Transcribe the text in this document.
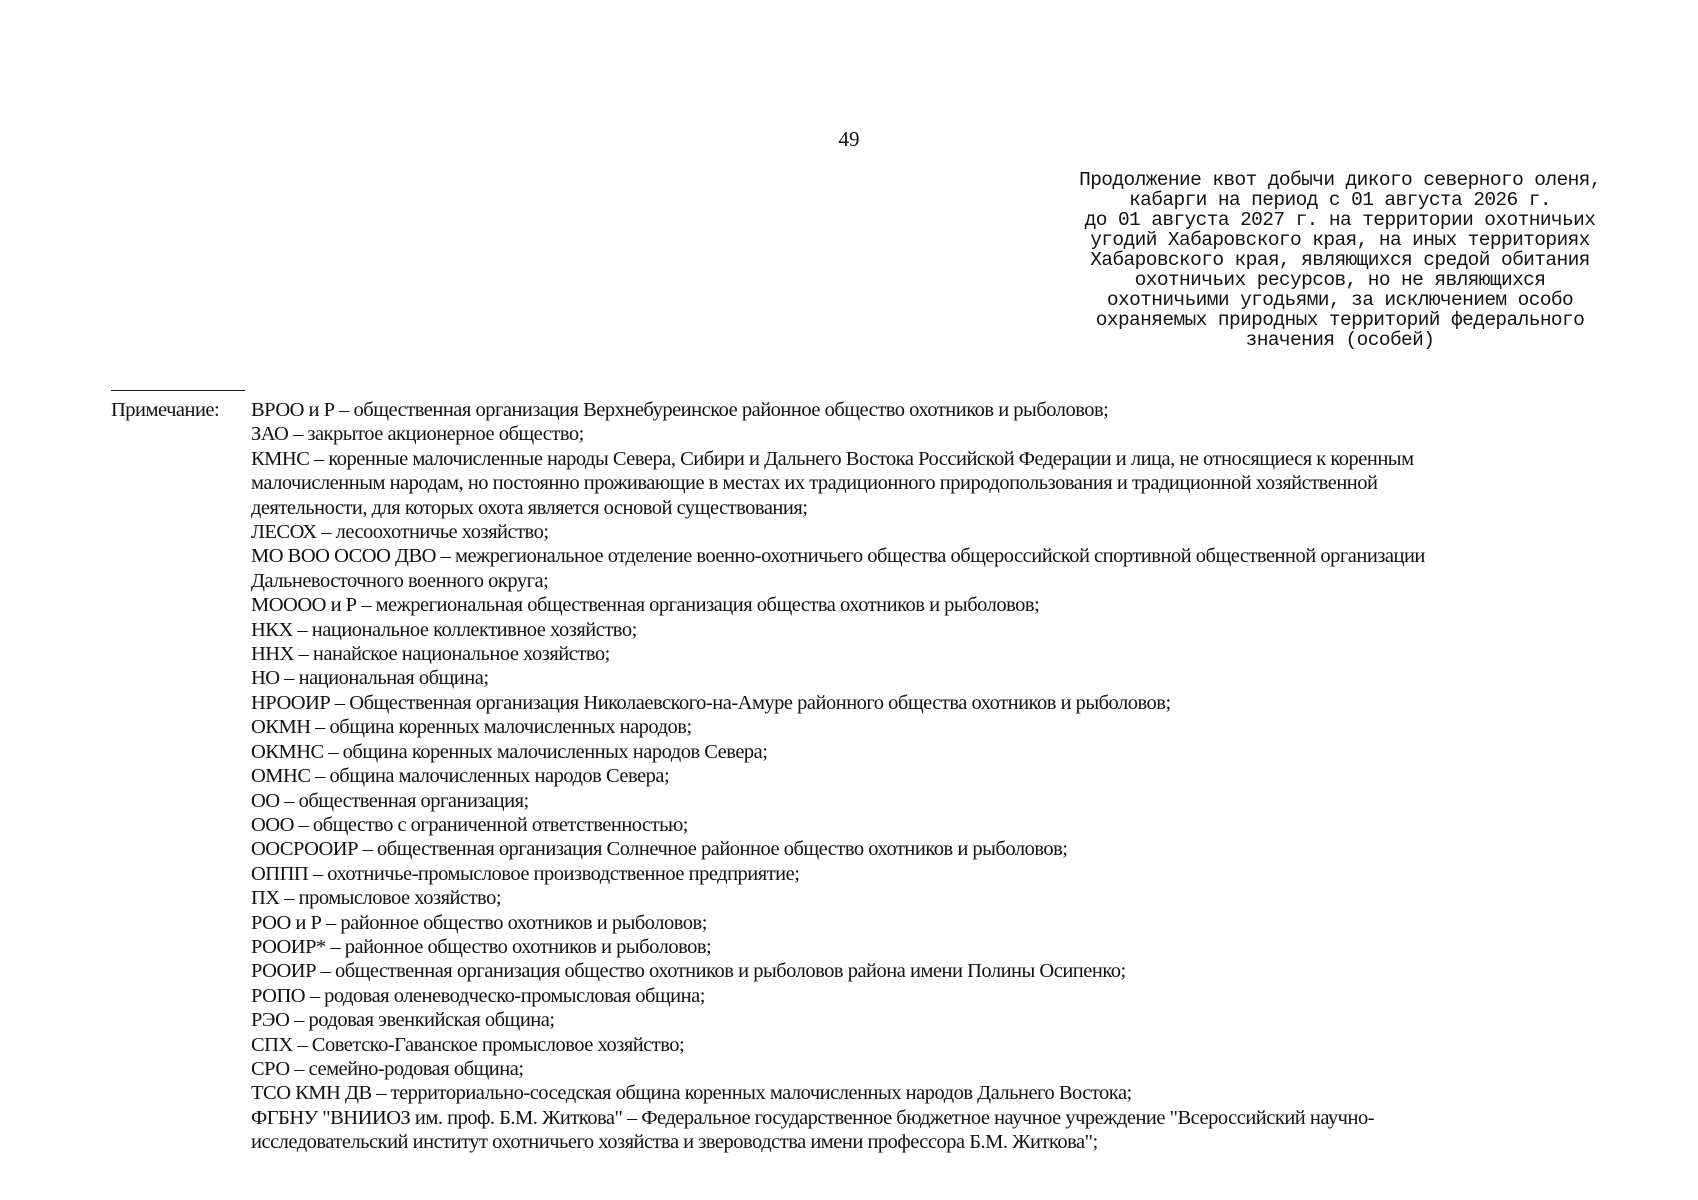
49
Продолжение квот добычи дикого северного оленя,
кабарги на период с 01 августа 2026 г.
до 01 августа 2027 г. на территории охотничьих
угодий Хабаровского края, на иных территориях
Хабаровского края, являющихся средой обитания
охотничьих ресурсов, но не являющихся
охотничьими угодьями, за исключением особо
охраняемых природных территорий федерального
значения (особей)
Примечание: ВРОО и Р – общественная организация Верхнебуреинское районное общество охотников и рыболовов;
ЗАО – закрытое акционерное общество;
КМНС – коренные малочисленные народы Севера, Сибири и Дальнего Востока Российской Федерации и лица, не относящиеся к коренным
малочисленным народам, но постоянно проживающие в местах их традиционного природопользования и традиционной хозяйственной
деятельности, для которых охота является основой существования;
ЛЕСОХ – лесоохотничье хозяйство;
МО ВОО ОСОО ДВО – межрегиональное отделение военно-охотничьего общества общероссийской спортивной общественной организации
Дальневосточного военного округа;
МОООО и Р – межрегиональная общественная организация общества охотников и рыболовов;
НКХ – национальное коллективное хозяйство;
ННХ – нанайское национальное хозяйство;
НО – национальная община;
НРООИР – Общественная организация Николаевского-на-Амуре районного общества охотников и рыболовов;
ОКМН – община коренных малочисленных народов;
ОКМНС – община коренных малочисленных народов Севера;
ОМНС – община малочисленных народов Севера;
ОО – общественная организация;
ООО – общество с ограниченной ответственностью;
ООСРООИР – общественная организация Солнечное районное общество охотников и рыболовов;
ОППП – охотничье-промысловое производственное предприятие;
ПХ – промысловое хозяйство;
РОО и Р – районное общество охотников и рыболовов;
РООИР* – районное общество охотников и рыболовов;
РООИР – общественная организация общество охотников и рыболовов района имени Полины Осипенко;
РОПО – родовая оленеводческо-промысловая община;
РЭО – родовая эвенкийская община;
СПХ – Советско-Гаванское промысловое хозяйство;
СРО – семейно-родовая община;
ТСО КМН ДВ – территориально-соседская община коренных малочисленных народов Дальнего Востока;
ФГБНУ "ВНИИОЗ им. проф. Б.М. Житкова" – Федеральное государственное бюджетное научное учреждение "Всероссийский научно-
исследовательский институт охотничьего хозяйства и звероводства имени профессора Б.М. Житкова";
